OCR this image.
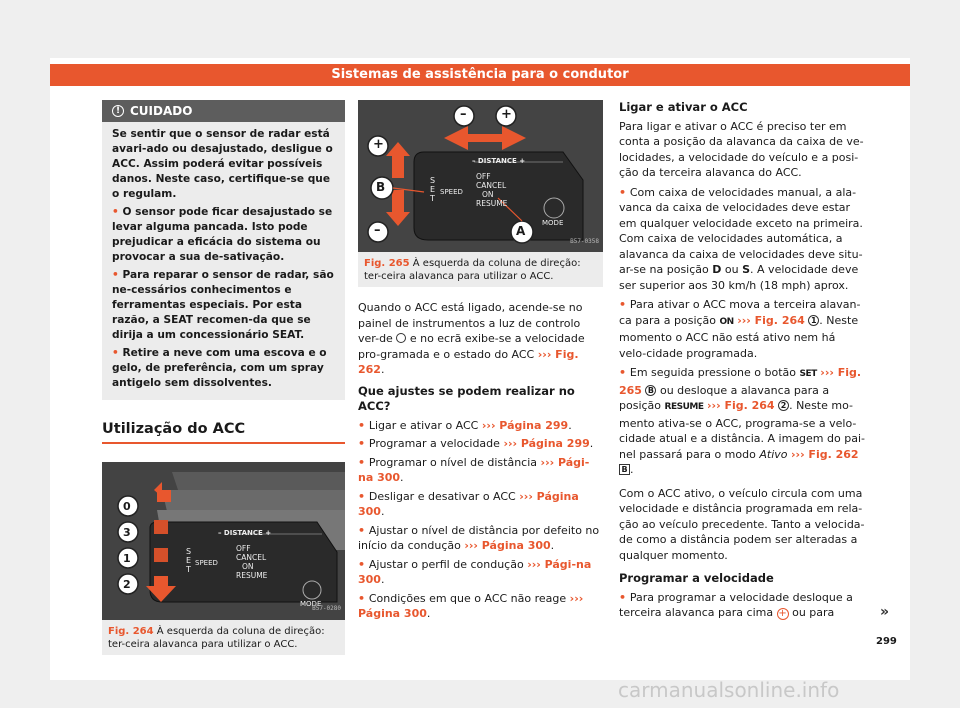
Sistemas de assistência para o condutor
! CUIDADO

Se sentir que o sensor de radar está avari-ado ou desajustado, desligue o ACC. Assim poderá evitar possíveis danos. Neste caso, certifique-se que o regulam.

• O sensor pode ficar desajustado se levar alguma pancada. Isto pode prejudicar a eficácia do sistema ou provocar a sua de-sativação.

• Para reparar o sensor de radar, são ne-cessários conhecimentos e ferramentas especiais. Por esta razão, a SEAT recomen-da que se dirija a um concessionário SEAT.

• Retire a neve com uma escova e o gelo, de preferência, com um spray antigelo sem dissolventes.

Utilização do ACC
0
3
1
2
– DISTANCE +
S
E
T
SPEED
OFF
CANCEL
ON
RESUME
MODE
B57-0280
Fig. 264 À esquerda da coluna de direção: ter-ceira alavanca para utilizar o ACC.
–	+
+
–
B
A
– DISTANCE +
S
E
T
SPEED
OFF
CANCEL
ON
RESUME
MODE
B57-0358
Fig. 265 À esquerda da coluna de direção: ter-ceira alavanca para utilizar o ACC.

Quando o ACC está ligado, acende-se no painel de instrumentos a luz de controlo ver-de e no ecrã exibe-se a velocidade pro-gramada e o estado do ACC ››› Fig. 262.

Que ajustes se podem realizar no ACC?

• Ligar e ativar o ACC ››› Página 299.

• Programar a velocidade ››› Página 299.

• Programar o nível de distância ››› Pági-na 300.

• Desligar e desativar o ACC ››› Página 300.

• Ajustar o nível de distância por defeito no início da condução ››› Página 300.

• Ajustar o perfil de condução ››› Pági-na 300.

• Condições em que o ACC não reage ››› Página 300.

Ligar e ativar o ACC

Para ligar e ativar o ACC é preciso ter em conta a posição da alavanca da caixa de ve-locidades, a velocidade do veículo e a posi-ção da terceira alavanca do ACC.

• Com caixa de velocidades manual, a ala-vanca da caixa de velocidades deve estar em qualquer velocidade exceto na primeira. Com caixa de velocidades automática, a alavanca da caixa de velocidades deve situ-ar-se na posição D ou S. A velocidade deve ser superior aos 30 km/h (18 mph) aprox.

• Para ativar o ACC mova a terceira alavan-ca para a posição ON ››› Fig. 264 1 . Neste momento o ACC não está ativo nem há velo-cidade programada.

• Em seguida pressione o botão SET ››› Fig. 265 B ou desloque a alavanca para a posição RESUME ››› Fig. 264 2 . Neste mo-mento ativa-se o ACC, programa-se a velo-cidade atual e a distância. A imagem do pai-nel passará para o modo Ativo ››› Fig. 262 B .

Com o ACC ativo, o veículo circula com uma velocidade e distância programada em rela-ção ao veículo precedente. Tanto a velocida-de como a distância podem ser alteradas a qualquer momento.

Programar a velocidade

• Para programar a velocidade desloque a terceira alavanca para cima + ou para	»
299
carmanualsonline.info
